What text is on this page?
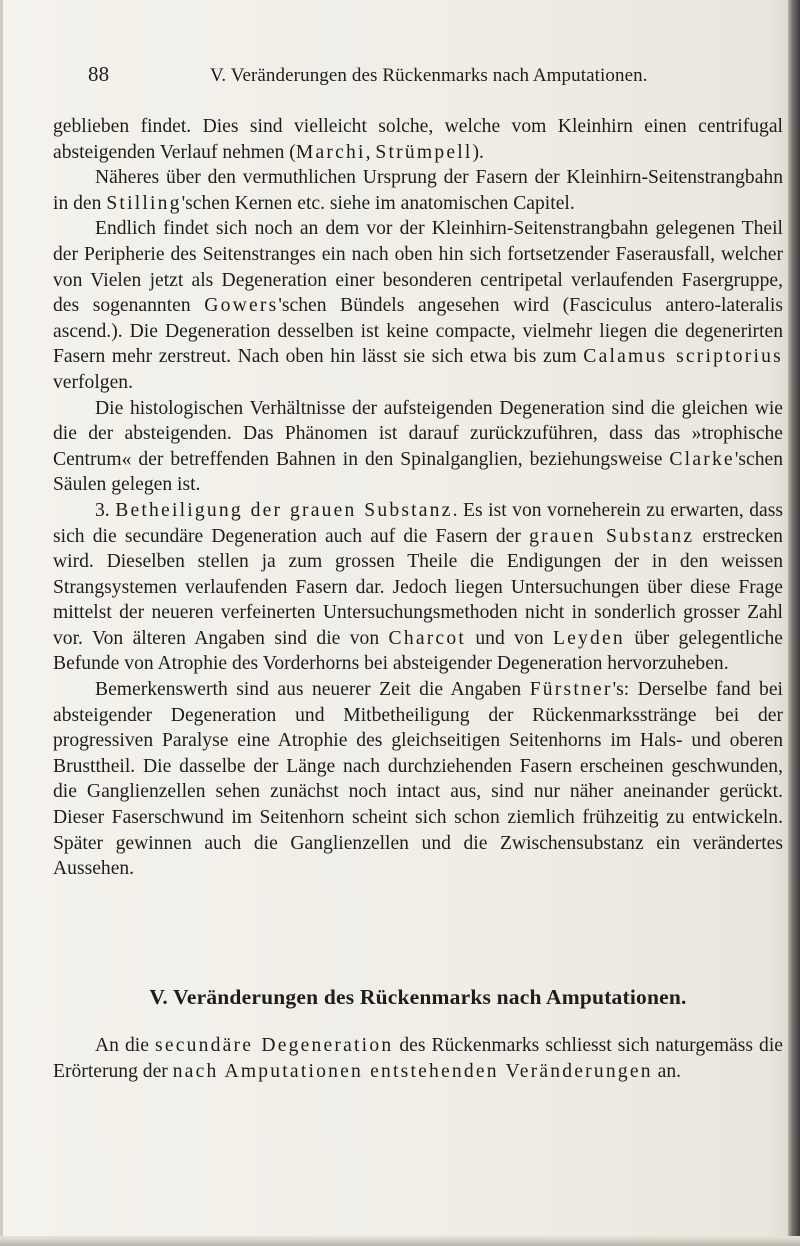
88	V. Veränderungen des Rückenmarks nach Amputationen.

geblieben findet. Dies sind vielleicht solche, welche vom Kleinhirn einen centrifugal absteigenden Verlauf nehmen (Marchi, Strümpell).

Näheres über den vermuthlichen Ursprung der Fasern der Kleinhirn-Seitenstrangbahn in den Stilling'schen Kernen etc. siehe im anatomischen Capitel.

Endlich findet sich noch an dem vor der Kleinhirn-Seitenstrangbahn gelegenen Theil der Peripherie des Seitenstranges ein nach oben hin sich fortsetzender Faserausfall, welcher von Vielen jetzt als Degeneration einer besonderen centripetal verlaufenden Fasergruppe, des sogenannten Gowers'schen Bündels angesehen wird (Fasciculus antero-lateralis ascend.). Die Degeneration desselben ist keine compacte, vielmehr liegen die degenerirten Fasern mehr zerstreut. Nach oben hin lässt sie sich etwa bis zum Calamus scriptorius verfolgen.

Die histologischen Verhältnisse der aufsteigenden Degeneration sind die gleichen wie die der absteigenden. Das Phänomen ist darauf zurückzuführen, dass das »trophische Centrum« der betreffenden Bahnen in den Spinalganglien, beziehungsweise Clarke'schen Säulen gelegen ist.

3. Betheiligung der grauen Substanz. Es ist von vorneherein zu erwarten, dass sich die secundäre Degeneration auch auf die Fasern der grauen Substanz erstrecken wird. Dieselben stellen ja zum grossen Theile die Endigungen der in den weissen Strangsystemen verlaufenden Fasern dar. Jedoch liegen Untersuchungen über diese Frage mittelst der neueren verfeinerten Untersuchungsmethoden nicht in sonderlich grosser Zahl vor. Von älteren Angaben sind die von Charcot und von Leyden über gelegentliche Befunde von Atrophie des Vorderhorns bei absteigender Degeneration hervorzuheben.

Bemerkenswerth sind aus neuerer Zeit die Angaben Fürstner's: Derselbe fand bei absteigender Degeneration und Mitbetheiligung der Rückenmarksstränge bei der progressiven Paralyse eine Atrophie des gleichseitigen Seitenhorns im Hals- und oberen Brusttheil. Die dasselbe der Länge nach durchziehenden Fasern erscheinen geschwunden, die Ganglienzellen sehen zunächst noch intact aus, sind nur näher aneinander gerückt. Dieser Faserschwund im Seitenhorn scheint sich schon ziemlich frühzeitig zu entwickeln. Später gewinnen auch die Ganglienzellen und die Zwischensubstanz ein verändertes Aussehen.

V. Veränderungen des Rückenmarks nach Amputationen.

An die secundäre Degeneration des Rückenmarks schliesst sich naturgemäss die Erörterung der nach Amputationen entstehenden Veränderungen an.
